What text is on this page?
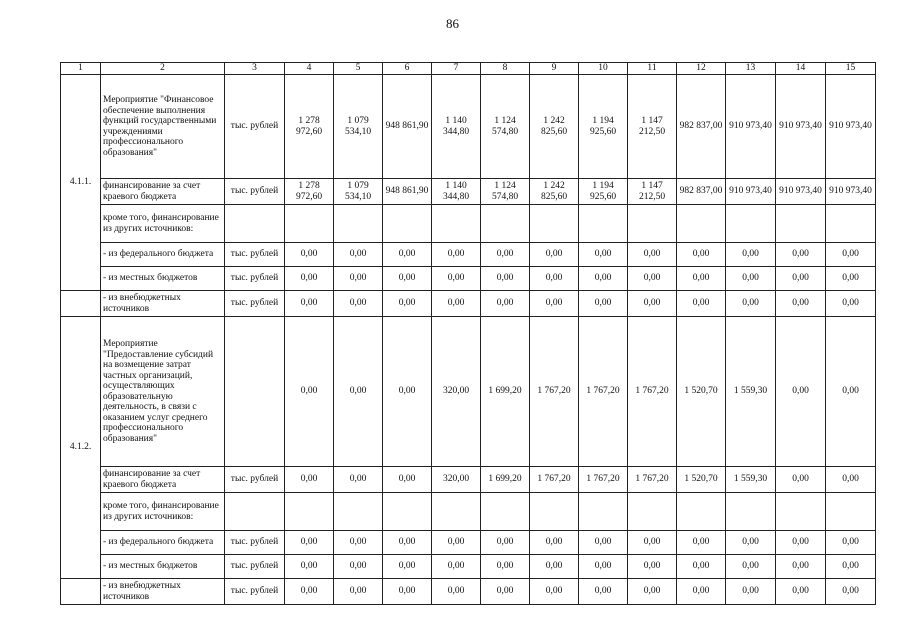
86
1	2	3	4	5	6	7	8	9	10	11	12	13	14	15
4.1.1.	Мероприятие "Финансовое обеспечение выполнения функций государственными учреждениями профессионального образования"	тыс. рублей	1 278 972,60	1 079 534,10	948 861,90	1 140 344,80	1 124 574,80	1 242 825,60	1 194 925,60	1 147 212,50	982 837,00	910 973,40	910 973,40	910 973,40
	финансирование за счет краевого бюджета	тыс. рублей	1 278 972,60	1 079 534,10	948 861,90	1 140 344,80	1 124 574,80	1 242 825,60	1 194 925,60	1 147 212,50	982 837,00	910 973,40	910 973,40	910 973,40
	кроме того, финансирование из других источников:													
	- из федерального бюджета	тыс. рублей	0,00	0,00	0,00	0,00	0,00	0,00	0,00	0,00	0,00	0,00	0,00	0,00
	- из местных бюджетов	тыс. рублей	0,00	0,00	0,00	0,00	0,00	0,00	0,00	0,00	0,00	0,00	0,00	0,00
	- из внебюджетных источников	тыс. рублей	0,00	0,00	0,00	0,00	0,00	0,00	0,00	0,00	0,00	0,00	0,00	0,00
4.1.2.	Мероприятие "Предоставление субсидий на возмещение затрат частных организаций, осуществляющих образовательную деятельность, в связи с оказанием услуг среднего профессионального образования"		0,00	0,00	0,00	320,00	1 699,20	1 767,20	1 767,20	1 767,20	1 520,70	1 559,30	0,00	0,00
	финансирование за счет краевого бюджета	тыс. рублей	0,00	0,00	0,00	320,00	1 699,20	1 767,20	1 767,20	1 767,20	1 520,70	1 559,30	0,00	0,00
	кроме того, финансирование из других источников:													
	- из федерального бюджета	тыс. рублей	0,00	0,00	0,00	0,00	0,00	0,00	0,00	0,00	0,00	0,00	0,00	0,00
	- из местных бюджетов	тыс. рублей	0,00	0,00	0,00	0,00	0,00	0,00	0,00	0,00	0,00	0,00	0,00	0,00
	- из внебюджетных источников	тыс. рублей	0,00	0,00	0,00	0,00	0,00	0,00	0,00	0,00	0,00	0,00	0,00	0,00
